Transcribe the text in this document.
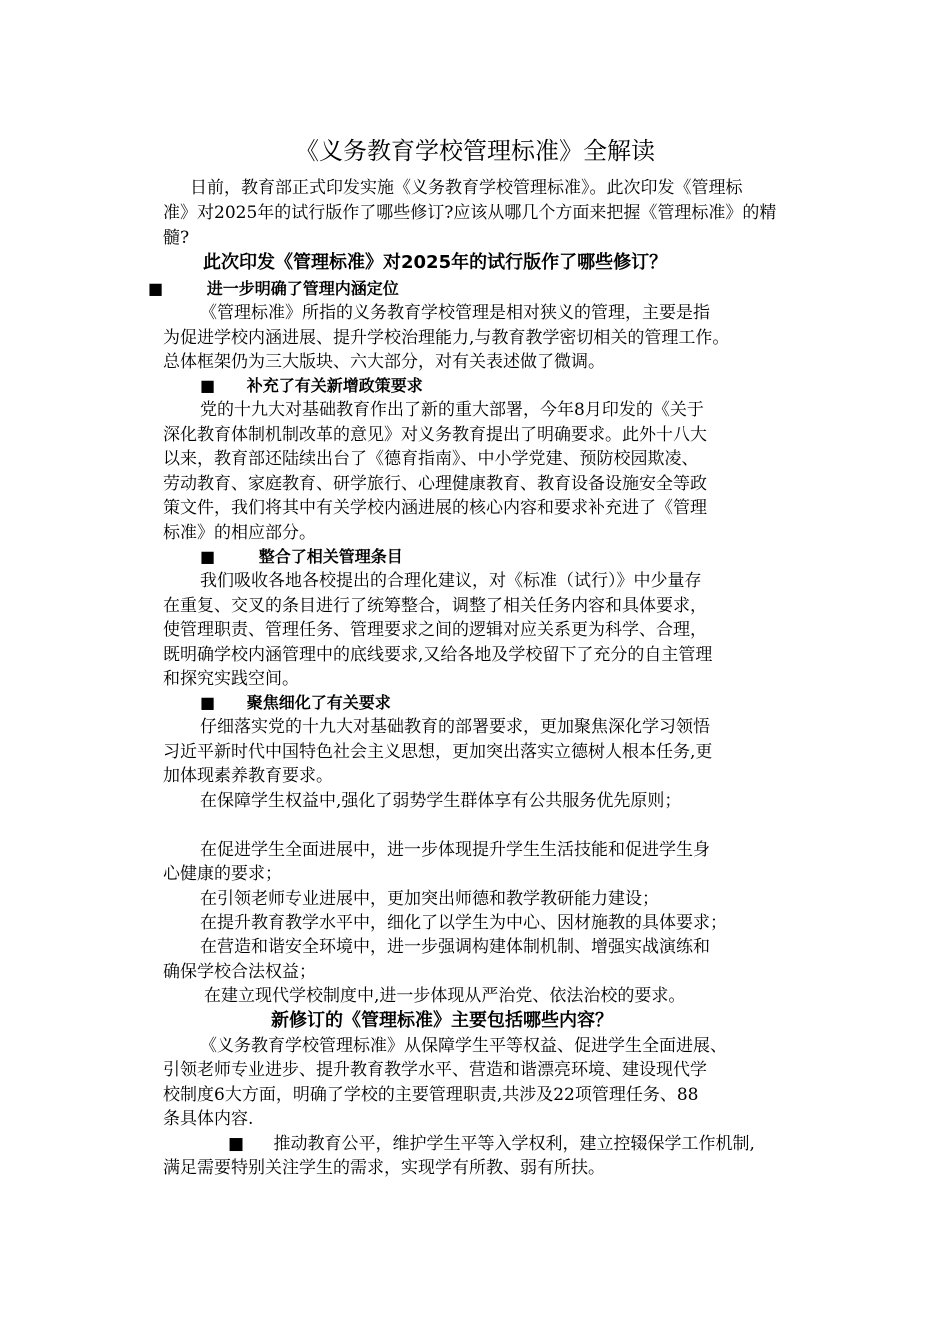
《义务教育学校管理标准》全解读
日前，教育部正式印发实施《义务教育学校管理标准》。此次印发《管理标
准》对2025年的试行版作了哪些修订?应该从哪几个方面来把握《管理标准》的精
髓?
此次印发《管理标准》对2025年的试行版作了哪些修订？
■	进一步明确了管理内涵定位
《管理标准》所指的义务教育学校管理是相对狭义的管理，主要是指
为促进学校内涵进展、提升学校治理能力,与教育教学密切相关的管理工作。
总体框架仍为三大版块、六大部分，对有关表述做了微调。
■ 补充了有关新增政策要求
党的十九大对基础教育作出了新的重大部署，今年8月印发的《关于
深化教育体制机制改革的意见》对义务教育提出了明确要求。此外十八大
以来，教育部还陆续出台了《德育指南》、中小学党建、预防校园欺凌、
劳动教育、家庭教育、研学旅行、心理健康教育、教育设备设施安全等政
策文件，我们将其中有关学校内涵进展的核心内容和要求补充进了《管理
标准》的相应部分。
■	整合了相关管理条目
我们吸收各地各校提出的合理化建议，对《标准（试行）》中少量存
在重复、交叉的条目进行了统筹整合，调整了相关任务内容和具体要求，
使管理职责、管理任务、管理要求之间的逻辑对应关系更为科学、合理，
既明确学校内涵管理中的底线要求,又给各地及学校留下了充分的自主管理
和探究实践空间。
■ 聚焦细化了有关要求
仔细落实党的十九大对基础教育的部署要求，更加聚焦深化学习领悟
习近平新时代中国特色社会主义思想，更加突出落实立德树人根本任务,更
加体现素养教育要求。
在保障学生权益中,强化了弱势学生群体享有公共服务优先原则；
在促进学生全面进展中，进一步体现提升学生生活技能和促进学生身
心健康的要求；
在引领老师专业进展中，更加突出师德和教学教研能力建设；
在提升教育教学水平中，细化了以学生为中心、因材施教的具体要求；
在营造和谐安全环境中，进一步强调构建体制机制、增强实战演练和
确保学校合法权益；
在建立现代学校制度中,进一步体现从严治党、依法治校的要求。
新修订的《管理标准》主要包括哪些内容？
《义务教育学校管理标准》从保障学生平等权益、促进学生全面进展、
引领老师专业进步、提升教育教学水平、营造和谐漂亮环境、建设现代学
校制度6大方面，明确了学校的主要管理职责,共涉及22项管理任务、88
条具体内容.
■ 推动教育公平，维护学生平等入学权利，建立控辍保学工作机制,
满足需要特别关注学生的需求，实现学有所教、弱有所扶。
